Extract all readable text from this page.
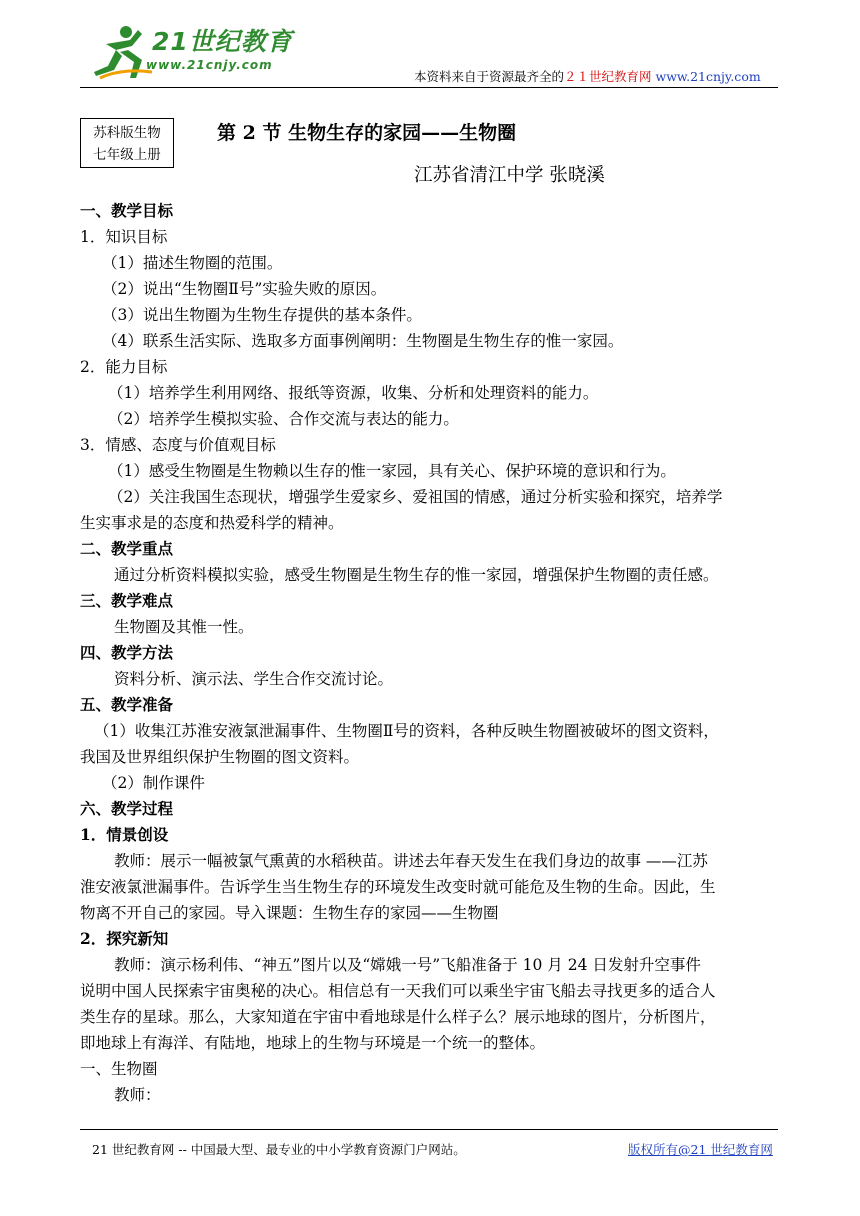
21世纪教育
www.21cnjy.com
本资料来自于资源最齐全的２１世纪教育网 www.21cnjy.com
苏科版生物
七年级上册
第 2 节 生物生存的家园——生物圈
江苏省清江中学 张晓溪
一、教学目标
1．知识目标
（1）描述生物圈的范围。
（2）说出“生物圈Ⅱ号”实验失败的原因。
（3）说出生物圈为生物生存提供的基本条件。
（4）联系生活实际、选取多方面事例阐明：生物圈是生物生存的惟一家园。
2．能力目标
（1）培养学生利用网络、报纸等资源，收集、分析和处理资料的能力。
（2）培养学生模拟实验、合作交流与表达的能力。
3．情感、态度与价值观目标
（1）感受生物圈是生物赖以生存的惟一家园，具有关心、保护环境的意识和行为。
（2）关注我国生态现状，增强学生爱家乡、爱祖国的情感，通过分析实验和探究，培养学
生实事求是的态度和热爱科学的精神。
二、教学重点
通过分析资料模拟实验，感受生物圈是生物生存的惟一家园，增强保护生物圈的责任感。
三、教学难点
生物圈及其惟一性。
四、教学方法
资料分析、演示法、学生合作交流讨论。
五、教学准备
（1）收集江苏淮安液氯泄漏事件、生物圈Ⅱ号的资料，各种反映生物圈被破坏的图文资料，
我国及世界组织保护生物圈的图文资料。
（2）制作课件
六、教学过程
1．情景创设
教师：展示一幅被氯气熏黄的水稻秧苗。讲述去年春天发生在我们身边的故事 ——江苏
淮安液氯泄漏事件。告诉学生当生物生存的环境发生改变时就可能危及生物的生命。因此，生
物离不开自己的家园。导入课题：生物生存的家园——生物圈
2．探究新知
教师：演示杨利伟、“神五”图片以及“嫦娥一号”飞船准备于 10 月 24 日发射升空事件
说明中国人民探索宇宙奥秘的决心。相信总有一天我们可以乘坐宇宙飞船去寻找更多的适合人
类生存的星球。那么，大家知道在宇宙中看地球是什么样子么？展示地球的图片，分析图片，
即地球上有海洋、有陆地，地球上的生物与环境是一个统一的整体。
一、生物圈
教师：
21 世纪教育网 -- 中国最大型、最专业的中小学教育资源门户网站。	版权所有@21 世纪教育网
